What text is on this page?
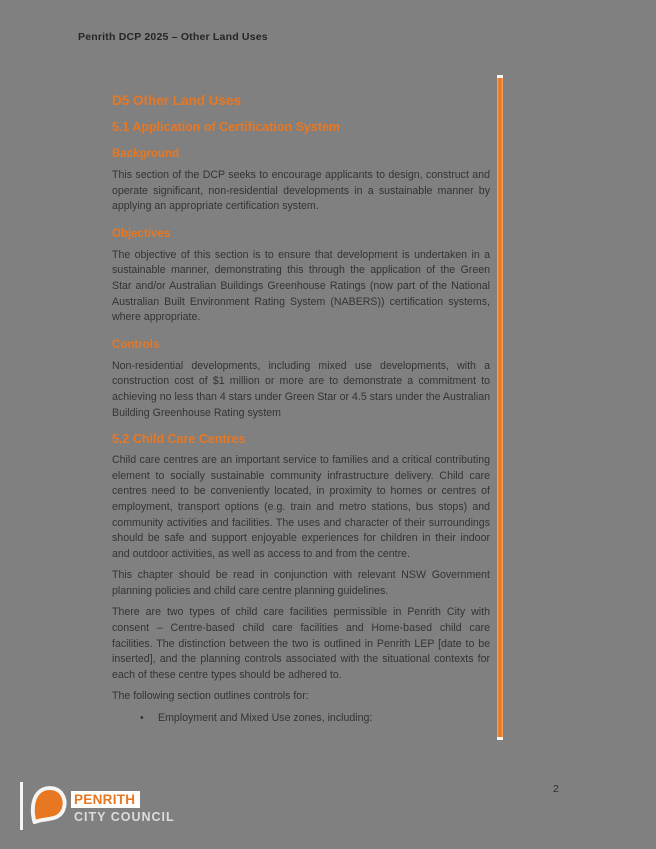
Penrith DCP 2025 – Other Land Uses
D5 Other Land Uses
5.1 Application of Certification System
Background

This section of the DCP seeks to encourage applicants to design, construct and operate significant, non-residential developments in a sustainable manner by applying an appropriate certification system.

Objectives

The objective of this section is to ensure that development is undertaken in a sustainable manner, demonstrating this through the application of the Green Star and/or Australian Buildings Greenhouse Ratings (now part of the National Australian Built Environment Rating System (NABERS)) certification systems, where appropriate.

Controls

Non-residential developments, including mixed use developments, with a construction cost of $1 million or more are to demonstrate a commitment to achieving no less than 4 stars under Green Star or 4.5 stars under the Australian Building Greenhouse Rating system

5.2 Child Care Centres

Child care centres are an important service to families and a critical contributing element to socially sustainable community infrastructure delivery. Child care centres need to be conveniently located, in proximity to homes or centres of employment, transport options (e.g. train and metro stations, bus stops) and community activities and facilities. The uses and character of their surroundings should be safe and support enjoyable experiences for children in their indoor and outdoor activities, as well as access to and from the centre.

This chapter should be read in conjunction with relevant NSW Government planning policies and child care centre planning guidelines.

There are two types of child care facilities permissible in Penrith City with consent – Centre-based child care facilities and Home-based child care facilities. The distinction between the two is outlined in Penrith LEP [date to be inserted], and the planning controls associated with the situational contexts for each of these centre types should be adhered to.

The following section outlines controls for:

•	Employment and Mixed Use zones, including:
2
PENRITH
CITY COUNCIL
